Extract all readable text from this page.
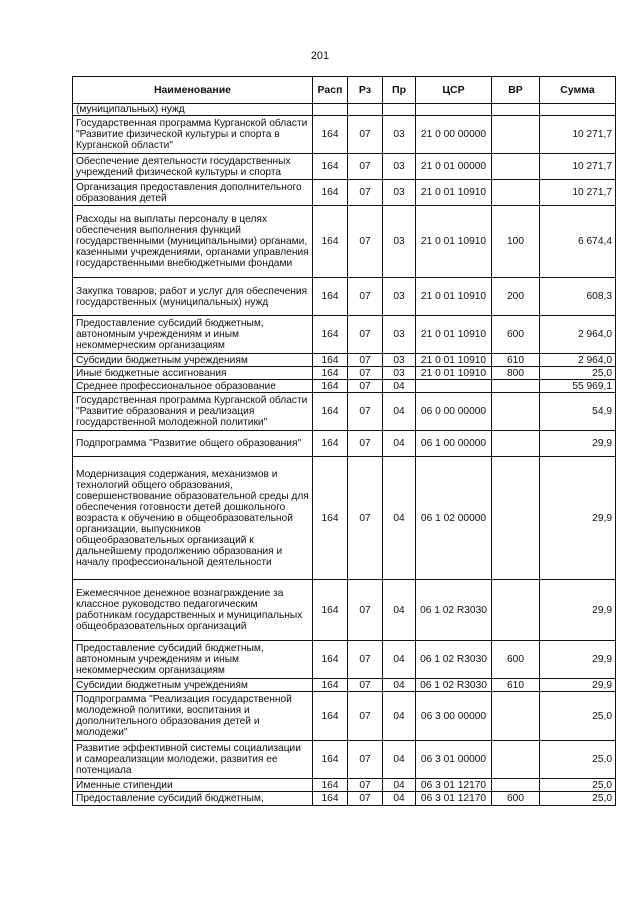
201
Наименование	Расп	Рз	Пр	ЦСР	ВР	Сумма
(муниципальных) нужд						
Государственная программа Курганской области "Развитие физической культуры и спорта в Курганской области"	164	07	03	21 0 00 00000		10 271,7
Обеспечение деятельности государственных учреждений физической культуры и спорта	164	07	03	21 0 01 00000		10 271,7
Организация предоставления дополнительного образования детей	164	07	03	21 0 01 10910		10 271,7
Расходы на выплаты персоналу в целях обеспечения выполнения функций государственными (муниципальными) органами, казенными учреждениями, органами управления государственными внебюджетными фондами	164	07	03	21 0 01 10910	100	6 674,4
Закупка товаров, работ и услуг для обеспечения государственных (муниципальных) нужд	164	07	03	21 0 01 10910	200	608,3
Предоставление субсидий бюджетным, автономным учреждениям и иным некоммерческим организациям	164	07	03	21 0 01 10910	600	2 964,0
Субсидии бюджетным учреждениям	164	07	03	21 0 01 10910	610	2 964,0
Иные бюджетные ассигнования	164	07	03	21 0 01 10910	800	25,0
Среднее профессиональное образование	164	07	04			55 969,1
Государственная программа Курганской области "Развитие образования и реализация государственной молодежной политики"	164	07	04	06 0 00 00000		54,9
Подпрограмма "Развитие общего образования"	164	07	04	06 1 00 00000		29,9
Модернизация содержания, механизмов и технологий общего образования, совершенствование образовательной среды для обеспечения готовности детей дошкольного возраста к обучению в общеобразовательной организации, выпускников общеобразовательных организаций к дальнейшему продолжению образования и началу профессиональной деятельности	164	07	04	06 1 02 00000		29,9
Ежемесячное денежное вознаграждение за классное руководство педагогическим работникам государственных и муниципальных общеобразовательных организаций	164	07	04	06 1 02 R3030		29,9
Предоставление субсидий бюджетным, автономным учреждениям и иным некоммерческим организациям	164	07	04	06 1 02 R3030	600	29,9
Субсидии бюджетным учреждениям	164	07	04	06 1 02 R3030	610	29,9
Подпрограмма "Реализация государственной молодежной политики, воспитания и дополнительного образования детей и молодежи"	164	07	04	06 3 00 00000		25,0
Развитие эффективной системы социализации и самореализации молодежи, развития ее потенциала	164	07	04	06 3 01 00000		25,0
Именные стипендии	164	07	04	06 3 01 12170		25,0
Предоставление субсидий бюджетным,	164	07	04	06 3 01 12170	600	25,0
